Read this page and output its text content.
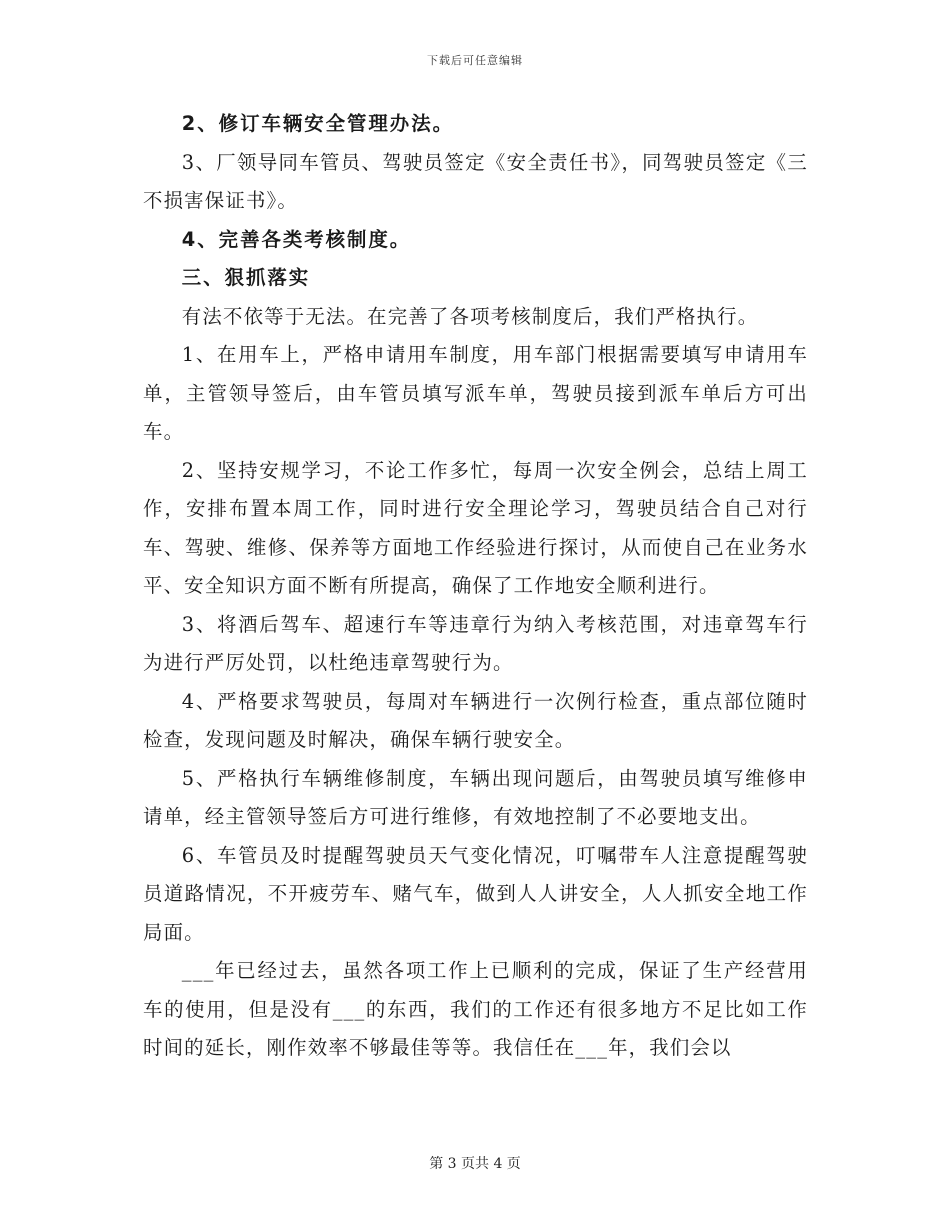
下载后可任意编辑

2、修订车辆安全管理办法。

3、厂领导同车管员、驾驶员签定《安全责任书》，同驾驶员签定《三不损害保证书》。

4、完善各类考核制度。

三、狠抓落实

有法不依等于无法。在完善了各项考核制度后，我们严格执行。

1、在用车上，严格申请用车制度，用车部门根据需要填写申请用车单，主管领导签后，由车管员填写派车单，驾驶员接到派车单后方可出车。

2、坚持安规学习，不论工作多忙，每周一次安全例会，总结上周工作，安排布置本周工作，同时进行安全理论学习，驾驶员结合自己对行车、驾驶、维修、保养等方面地工作经验进行探讨，从而使自己在业务水平、安全知识方面不断有所提高，确保了工作地安全顺利进行。

3、将酒后驾车、超速行车等违章行为纳入考核范围，对违章驾车行为进行严厉处罚，以杜绝违章驾驶行为。

4、严格要求驾驶员，每周对车辆进行一次例行检查，重点部位随时检查，发现问题及时解决，确保车辆行驶安全。

5、严格执行车辆维修制度，车辆出现问题后，由驾驶员填写维修申请单，经主管领导签后方可进行维修，有效地控制了不必要地支出。

6、车管员及时提醒驾驶员天气变化情况，叮嘱带车人注意提醒驾驶员道路情况，不开疲劳车、赌气车，做到人人讲安全，人人抓安全地工作局面。

___年已经过去，虽然各项工作上已顺利的完成，保证了生产经营用车的使用，但是没有___的东西，我们的工作还有很多地方不足比如工作时间的延长，刚作效率不够最佳等等。我信任在___年，我们会以

第 3 页共 4 页
